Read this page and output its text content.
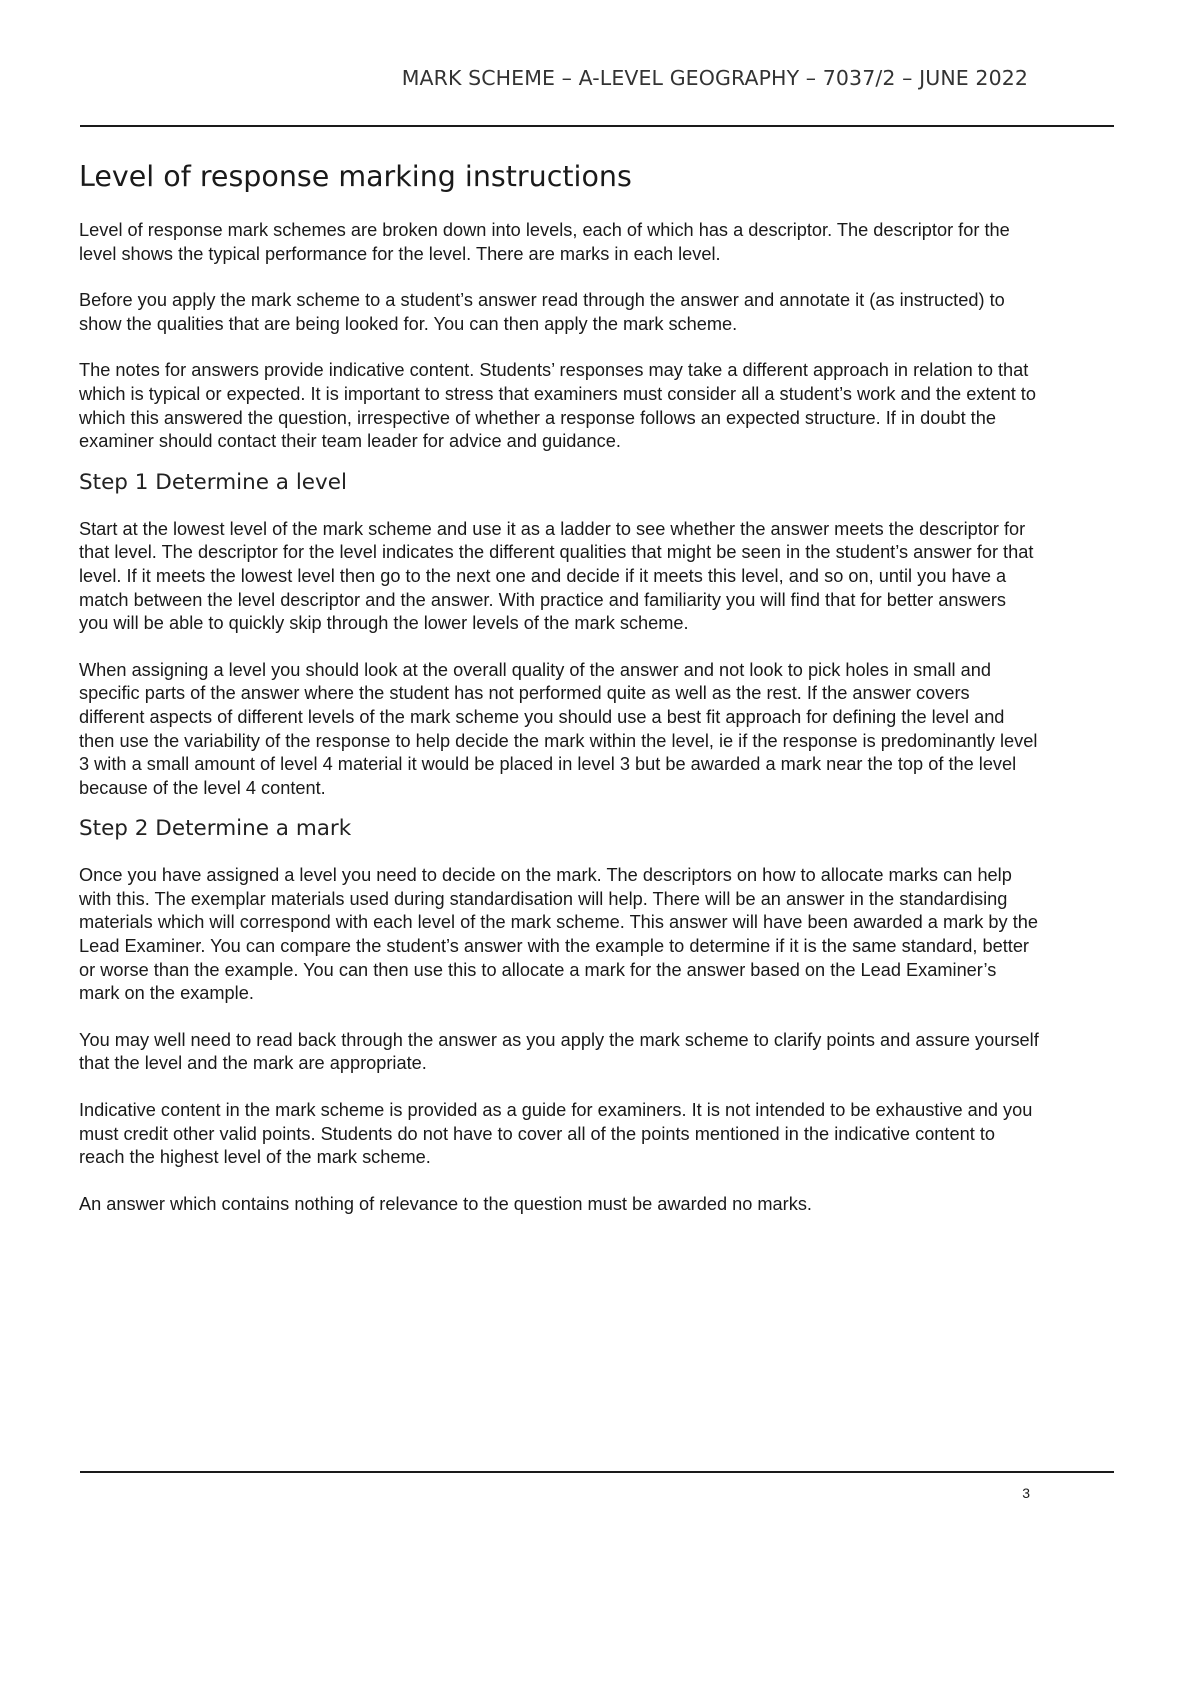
MARK SCHEME – A-LEVEL GEOGRAPHY – 7037/2 – JUNE 2022
Level of response marking instructions

Level of response mark schemes are broken down into levels, each of which has a descriptor. The descriptor for the level shows the typical performance for the level. There are marks in each level.

Before you apply the mark scheme to a student’s answer read through the answer and annotate it (as instructed) to show the qualities that are being looked for. You can then apply the mark scheme.

The notes for answers provide indicative content. Students’ responses may take a different approach in relation to that which is typical or expected. It is important to stress that examiners must consider all a student’s work and the extent to which this answered the question, irrespective of whether a response follows an expected structure. If in doubt the examiner should contact their team leader for advice and guidance.

Step 1 Determine a level

Start at the lowest level of the mark scheme and use it as a ladder to see whether the answer meets the descriptor for that level. The descriptor for the level indicates the different qualities that might be seen in the student’s answer for that level. If it meets the lowest level then go to the next one and decide if it meets this level, and so on, until you have a match between the level descriptor and the answer. With practice and familiarity you will find that for better answers you will be able to quickly skip through the lower levels of the mark scheme.

When assigning a level you should look at the overall quality of the answer and not look to pick holes in small and specific parts of the answer where the student has not performed quite as well as the rest. If the answer covers different aspects of different levels of the mark scheme you should use a best fit approach for defining the level and then use the variability of the response to help decide the mark within the level, ie if the response is predominantly level 3 with a small amount of level 4 material it would be placed in level 3 but be awarded a mark near the top of the level because of the level 4 content.

Step 2 Determine a mark

Once you have assigned a level you need to decide on the mark. The descriptors on how to allocate marks can help with this. The exemplar materials used during standardisation will help. There will be an answer in the standardising materials which will correspond with each level of the mark scheme. This answer will have been awarded a mark by the Lead Examiner. You can compare the student’s answer with the example to determine if it is the same standard, better or worse than the example. You can then use this to allocate a mark for the answer based on the Lead Examiner’s mark on the example.

You may well need to read back through the answer as you apply the mark scheme to clarify points and assure yourself that the level and the mark are appropriate.

Indicative content in the mark scheme is provided as a guide for examiners. It is not intended to be exhaustive and you must credit other valid points. Students do not have to cover all of the points mentioned in the indicative content to reach the highest level of the mark scheme.

An answer which contains nothing of relevance to the question must be awarded no marks.

3
